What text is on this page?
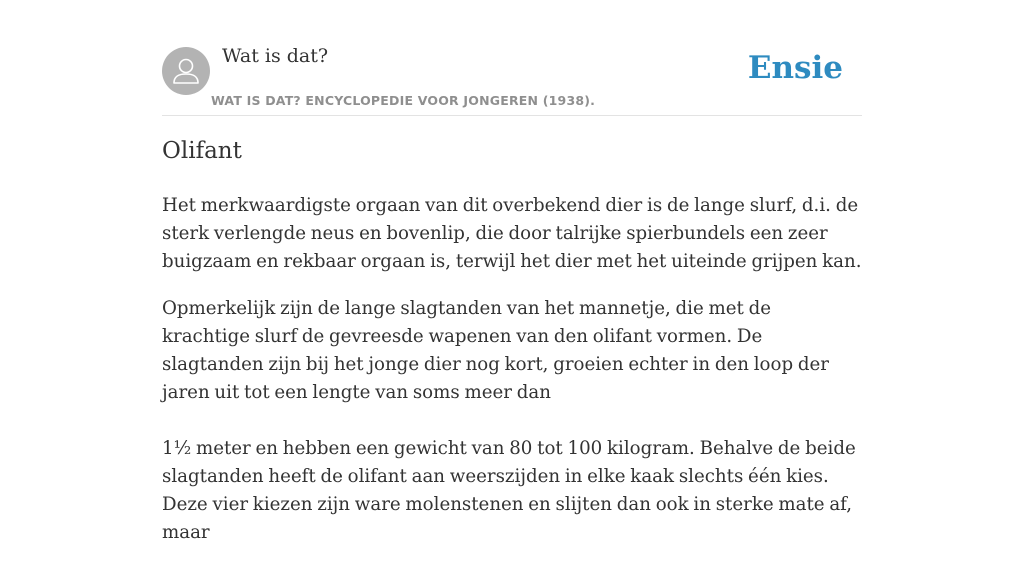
Wat is dat?
WAT IS DAT? ENCYCLOPEDIE VOOR JONGEREN (1938).
Ensie
Olifant

Het merkwaardigste orgaan van dit overbekend dier is de lange slurf, d.i. de sterk verlengde neus en bovenlip, die door talrijke spierbundels een zeer buigzaam en rekbaar orgaan is, terwijl het dier met het uiteinde grijpen kan.

Opmerkelijk zijn de lange slagtanden van het mannetje, die met de krachtige slurf de gevreesde wapenen van den olifant vormen. De slagtanden zijn bij het jonge dier nog kort, groeien echter in den loop der jaren uit tot een lengte van soms meer dan

1½ meter en hebben een gewicht van 80 tot 100 kilogram. Behalve de beide slagtanden heeft de olifant aan weerszijden in elke kaak slechts één kies. Deze vier kiezen zijn ware molenstenen en slijten dan ook in sterke mate af, maar
